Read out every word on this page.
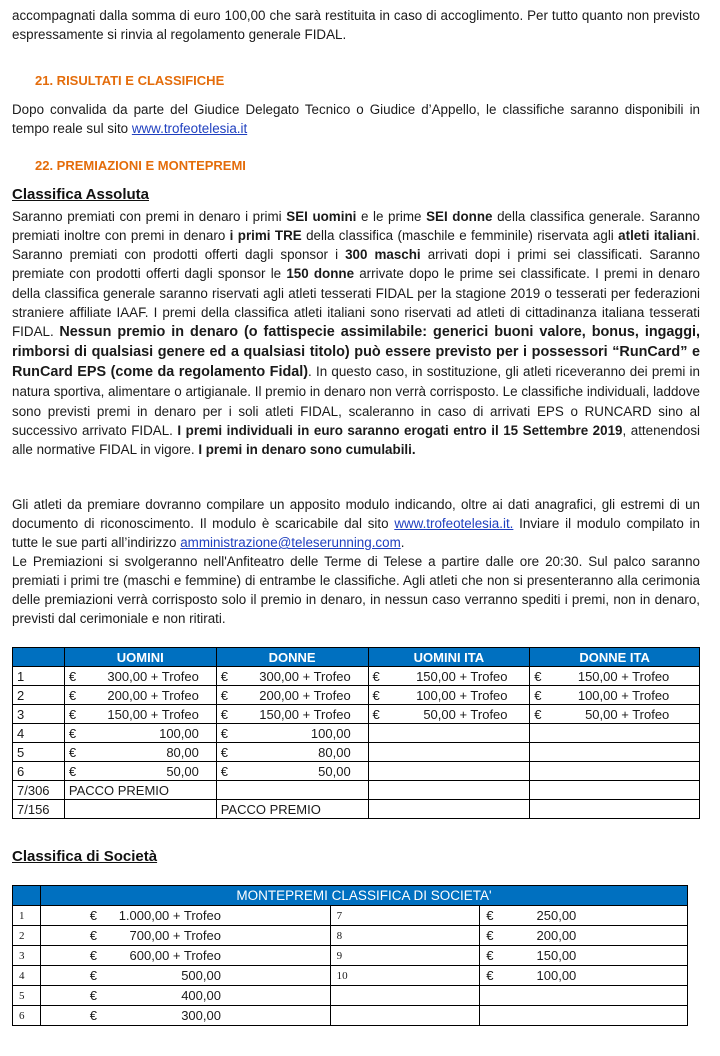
accompagnati dalla somma di euro 100,00 che sarà restituita in caso di accoglimento. Per tutto quanto non previsto espressamente si rinvia al regolamento generale FIDAL.

21. RISULTATI E CLASSIFICHE

Dopo convalida da parte del Giudice Delegato Tecnico o Giudice d’Appello, le classifiche saranno disponibili in tempo reale sul sito www.trofeotelesia.it

22. PREMIAZIONI E MONTEPREMI
Classifica Assoluta

Saranno premiati con premi in denaro i primi SEI uomini e le prime SEI donne della classifica generale. Saranno premiati inoltre con premi in denaro i primi TRE della classifica (maschile e femminile) riservata agli atleti italiani. Saranno premiati con prodotti offerti dagli sponsor i 300 maschi arrivati dopi i primi sei classificati. Saranno premiate con prodotti offerti dagli sponsor le 150 donne arrivate dopo le prime sei classificate. I premi in denaro della classifica generale saranno riservati agli atleti tesserati FIDAL per la stagione 2019 o tesserati per federazioni straniere affiliate IAAF. I premi della classifica atleti italiani sono riservati ad atleti di cittadinanza italiana tesserati FIDAL. Nessun premio in denaro (o fattispecie assimilabile: generici buoni valore, bonus, ingaggi, rimborsi di qualsiasi genere ed a qualsiasi titolo) può essere previsto per i possessori “RunCard” e RunCard EPS (come da regolamento Fidal). In questo caso, in sostituzione, gli atleti riceveranno dei premi in natura sportiva, alimentare o artigianale. Il premio in denaro non verrà corrisposto. Le classifiche individuali, laddove sono previsti premi in denaro per i soli atleti FIDAL, scaleranno in caso di arrivati EPS o RUNCARD sino al successivo arrivato FIDAL. I premi individuali in euro saranno erogati entro il 15 Settembre 2019, attenendosi alle normative FIDAL in vigore. I premi in denaro sono cumulabili.

Gli atleti da premiare dovranno compilare un apposito modulo indicando, oltre ai dati anagrafici, gli estremi di un documento di riconoscimento. Il modulo è scaricabile dal sito www.trofeotelesia.it. Inviare il modulo compilato in tutte le sue parti all’indirizzo amministrazione@teleserunning.com.

Le Premiazioni si svolgeranno nell'Anfiteatro delle Terme di Telese a partire dalle ore 20:30. Sul palco saranno premiati i primi tre (maschi e femmine) di entrambe le classifiche. Agli atleti che non si presenteranno alla cerimonia delle premiazioni verrà corrisposto solo il premio in denaro, in nessun caso verranno spediti i premi, non in denaro, previsti dal cerimoniale e non ritirati.

	UOMINI	DONNE	UOMINI ITA	DONNE ITA
1	€ 300,00 + Trofeo	€ 300,00 + Trofeo	€ 150,00 + Trofeo	€ 150,00 + Trofeo
2	€ 200,00 + Trofeo	€ 200,00 + Trofeo	€ 100,00 + Trofeo	€ 100,00 + Trofeo
3	€ 150,00 + Trofeo	€ 150,00 + Trofeo	€ 50,00 + Trofeo	€ 50,00 + Trofeo
4	€ 100,00	€ 100,00		
5	€ 80,00	€ 80,00		
6	€ 50,00	€ 50,00		
7/306	PACCO PREMIO			
7/156		PACCO PREMIO		
Classifica di Società
	MONTEPREMI CLASSIFICA DI SOCIETA'		
1	€ 1.000,00 + Trofeo	7	€ 250,00
2	€ 700,00 + Trofeo	8	€ 200,00
3	€ 600,00 + Trofeo	9	€ 150,00
4	€ 500,00	10	€ 100,00
5	€ 400,00		
6	€ 300,00		
